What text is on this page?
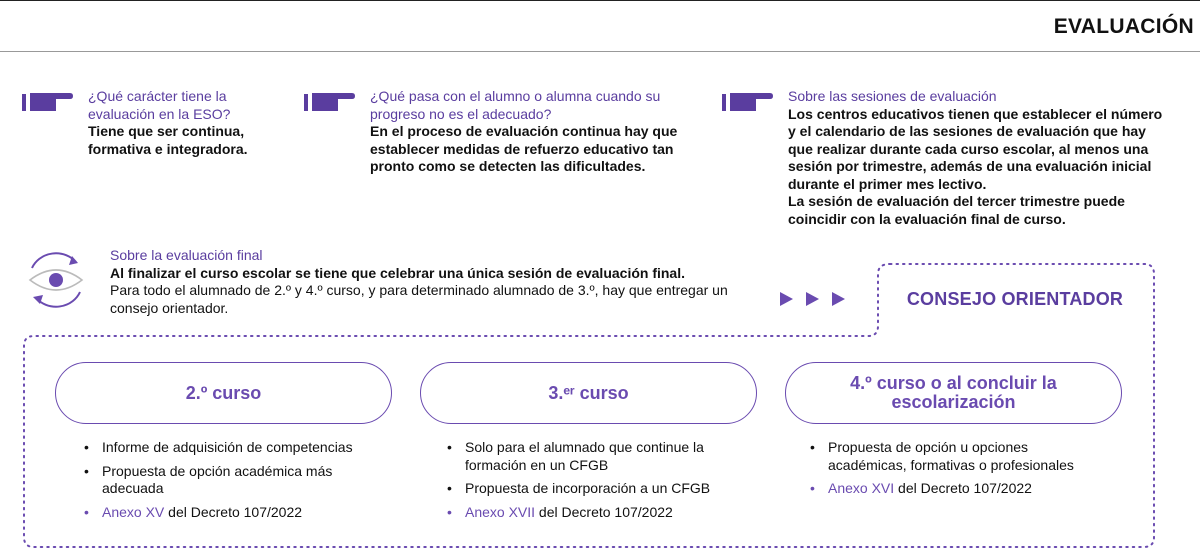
EVALUACIÓN
¿Qué carácter tiene la evaluación en la ESO?
Tiene que ser continua, formativa e integradora.
¿Qué pasa con el alumno o alumna cuando su progreso no es el adecuado?
En el proceso de evaluación continua hay que establecer medidas de refuerzo educativo tan pronto como se detecten las dificultades.
Sobre las sesiones de evaluación
Los centros educativos tienen que establecer el número y el calendario de las sesiones de evaluación que hay que realizar durante cada curso escolar, al menos una sesión por trimestre, además de una evaluación inicial durante el primer mes lectivo.
La sesión de evaluación del tercer trimestre puede coincidir con la evaluación final de curso.
Sobre la evaluación final
Al finalizar el curso escolar se tiene que celebrar una única sesión de evaluación final.
Para todo el alumnado de 2.º y 4.º curso, y para determinado alumnado de 3.º, hay que entregar un consejo orientador.	CONSEJO ORIENTADOR
2.º curso	3.ᵉʳ curso	4.º curso o al concluir la escolarización
• Informe de adquisición de competencias
• Propuesta de opción académica más adecuada
• Anexo XV del Decreto 107/2022
• Solo para el alumnado que continue la formación en un CFGB
• Propuesta de incorporación a un CFGB
• Anexo XVII del Decreto 107/2022
• Propuesta de opción u opciones académicas, formativas o profesionales
• Anexo XVI del Decreto 107/2022
